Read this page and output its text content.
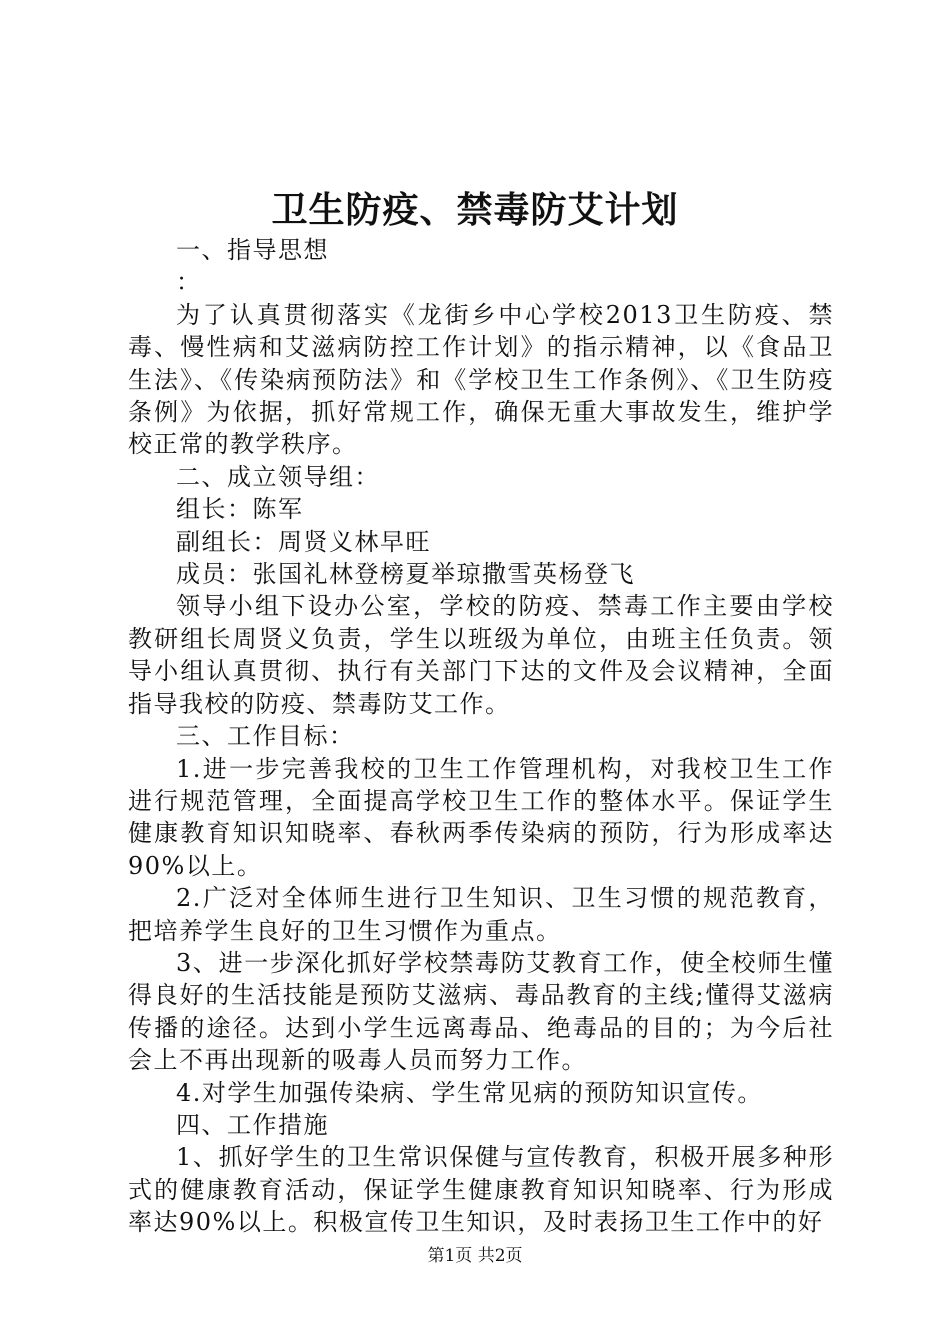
卫生防疫、禁毒防艾计划

一、指导思想

：

为了认真贯彻落实《龙街乡中心学校2013卫生防疫、禁毒、慢性病和艾滋病防控工作计划》的指示精神，以《食品卫生法》、《传染病预防法》和《学校卫生工作条例》、《卫生防疫条例》为依据，抓好常规工作，确保无重大事故发生，维护学校正常的教学秩序。

二、成立领导组：

组长：陈军

副组长：周贤义林早旺

成员：张国礼林登榜夏举琼撒雪英杨登飞

领导小组下设办公室，学校的防疫、禁毒工作主要由学校教研组长周贤义负责，学生以班级为单位，由班主任负责。领导小组认真贯彻、执行有关部门下达的文件及会议精神，全面指导我校的防疫、禁毒防艾工作。

三、工作目标：

1.进一步完善我校的卫生工作管理机构，对我校卫生工作进行规范管理，全面提高学校卫生工作的整体水平。保证学生健康教育知识知晓率、春秋两季传染病的预防，行为形成率达90%以上。

2.广泛对全体师生进行卫生知识、卫生习惯的规范教育，把培养学生良好的卫生习惯作为重点。

3、进一步深化抓好学校禁毒防艾教育工作，使全校师生懂得良好的生活技能是预防艾滋病、毒品教育的主线;懂得艾滋病传播的途径。达到小学生远离毒品、绝毒品的目的；为今后社会上不再出现新的吸毒人员而努力工作。

4.对学生加强传染病、学生常见病的预防知识宣传。

四、工作措施

1、抓好学生的卫生常识保健与宣传教育，积极开展多种形式的健康教育活动，保证学生健康教育知识知晓率、行为形成率达90%以上。积极宣传卫生知识，及时表扬卫生工作中的好

第1页 共2页
